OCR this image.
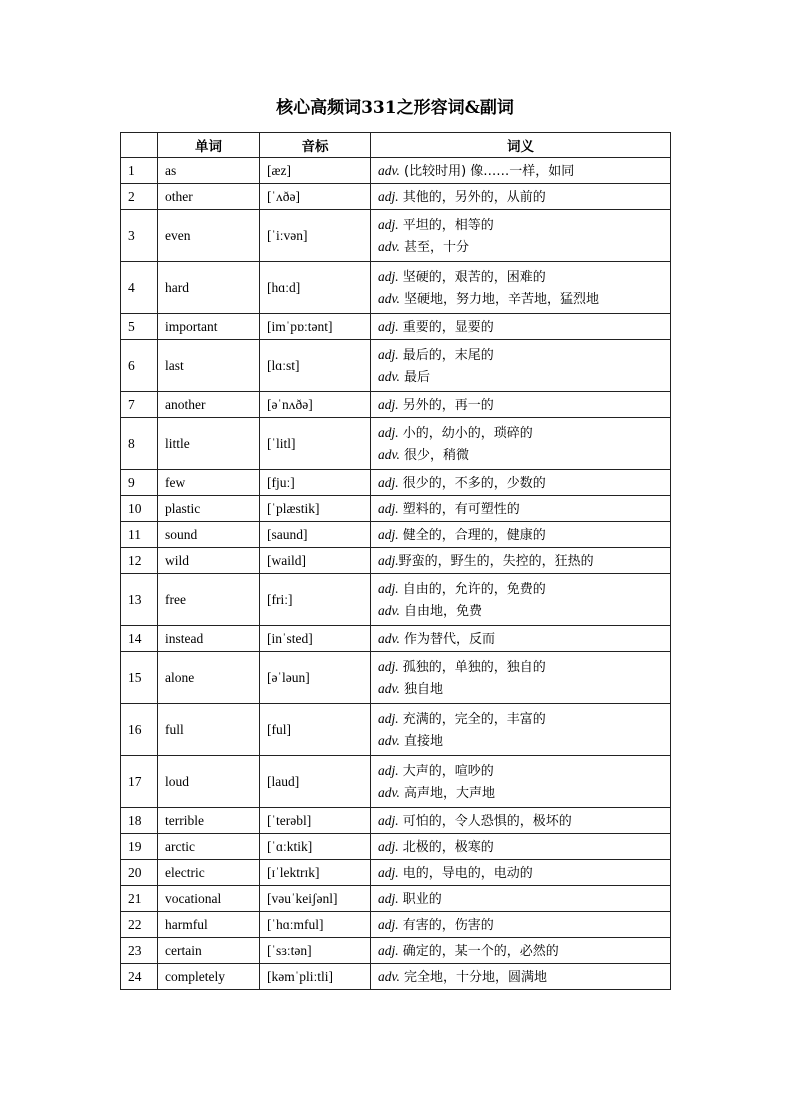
核心高频词331之形容词&副词
	单词	音标	词义
1	as	[æz]	adv. (比较时用) 像……一样，如同

2	other	[ˈʌðə]	adj. 其他的，另外的，从前的

3	even	[ˈiːvən]	adj. 平坦的，相等的
adv. 甚至，十分

4	hard	[hɑːd]	adj. 坚硬的，艰苦的，困难的
adv. 坚硬地，努力地，辛苦地，猛烈地

5	important	[imˈpɒːtənt]	adj. 重要的，显要的

6	last	[lɑːst]	adj. 最后的，末尾的
adv. 最后

7	another	[əˈnʌðə]	adj. 另外的，再一的

8	little	[ˈlitl]	adj. 小的，幼小的，琐碎的
adv. 很少，稍微

9	few	[fjuː]	adj. 很少的，不多的，少数的

10	plastic	[ˈplæstik]	adj. 塑料的，有可塑性的

11	sound	[saund]	adj. 健全的，合理的，健康的

12	wild	[waild]	adj.野蛮的，野生的，失控的，狂热的

13	free	[friː]	adj. 自由的，允许的，免费的
adv. 自由地，免费

14	instead	[inˈsted]	adv. 作为替代，反而

15	alone	[əˈləun]	adj. 孤独的，单独的，独自的
adv. 独自地

16	full	[ful]	adj. 充满的，完全的，丰富的
adv. 直接地

17	loud	[laud]	adj. 大声的，喧吵的
adv. 高声地，大声地

18	terrible	[ˈterəbl]	adj. 可怕的，令人恐惧的，极坏的

19	arctic	[ˈɑːktik]	adj. 北极的，极寒的

20	electric	[ɪˈlektrɪk]	adj. 电的，导电的，电动的

21	vocational	[vəuˈkeiʃənl]	adj. 职业的

22	harmful	[ˈhɑːmful]	adj. 有害的，伤害的

23	certain	[ˈsɜːtən]	adj. 确定的，某一个的，必然的

24	completely	[kəmˈpliːtli]	adv. 完全地，十分地，圆满地
